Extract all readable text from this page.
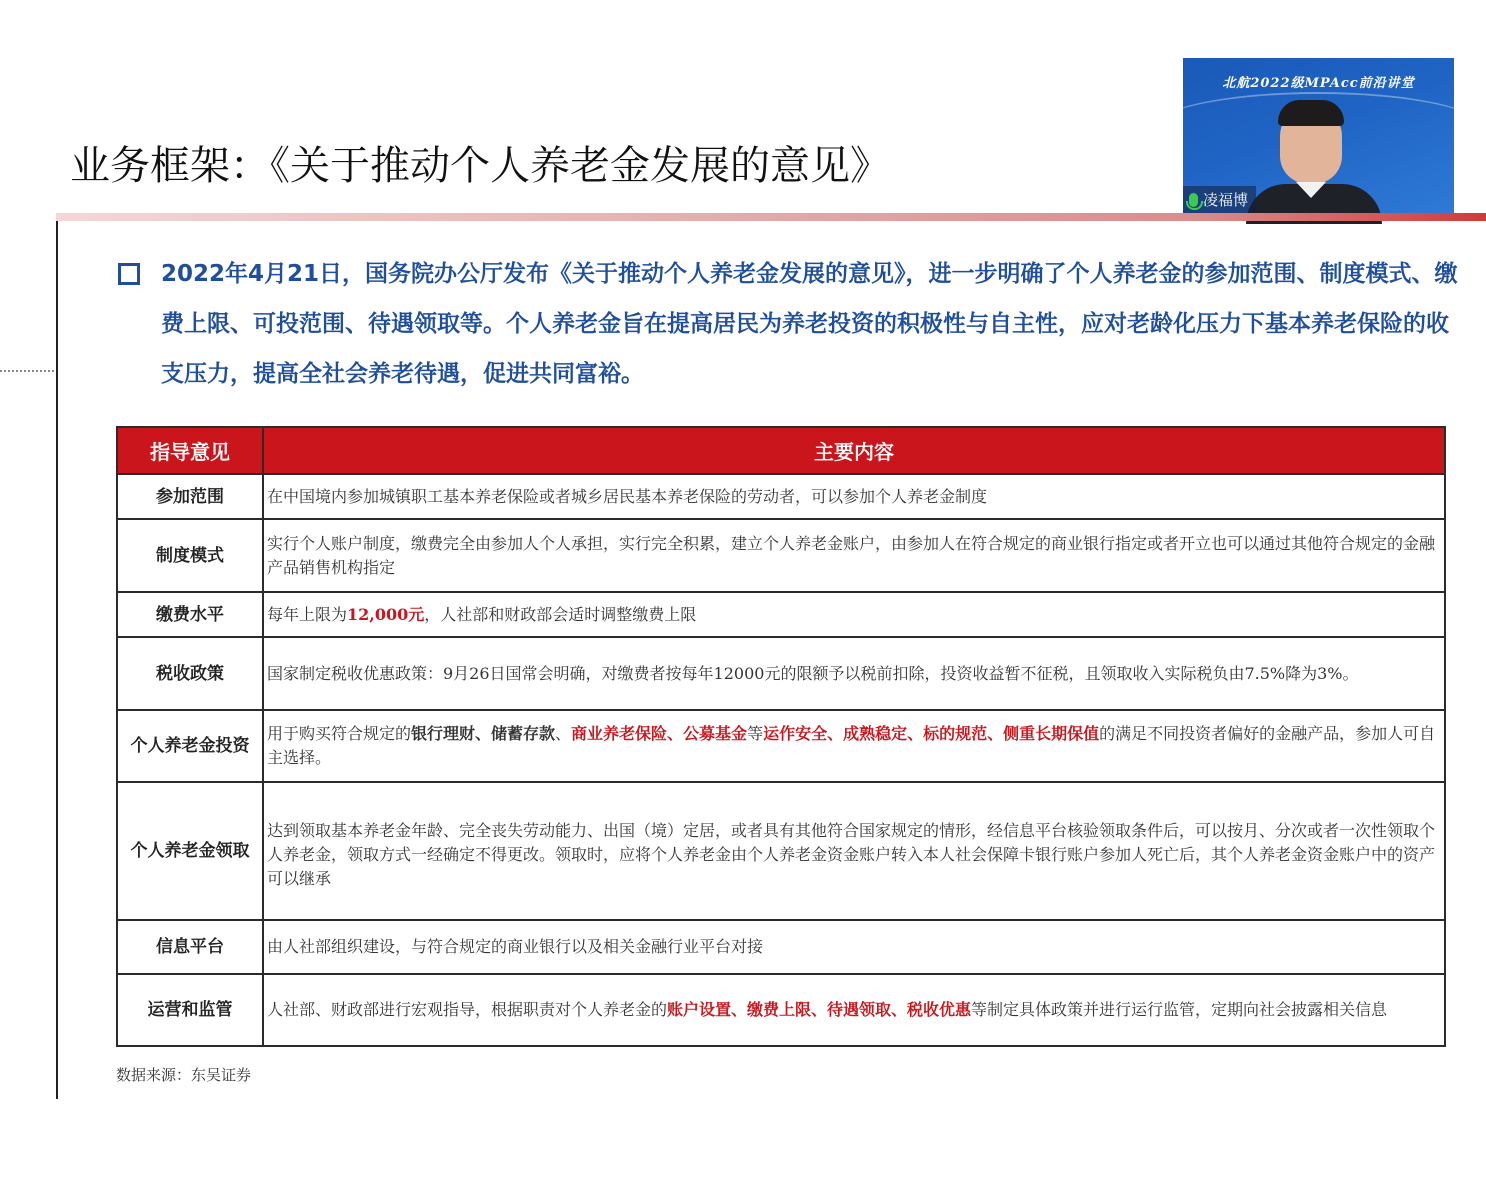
业务框架：《关于推动个人养老金发展的意见》
北航2022级MPAcc前沿讲堂
凌福博
2022年4月21日，国务院办公厅发布《关于推动个人养老金发展的意见》，进一步明确了个人养老金的参加范围、制度模式、缴费上限、可投范围、待遇领取等。个人养老金旨在提高居民为养老投资的积极性与自主性，应对老龄化压力下基本养老保险的收支压力，提高全社会养老待遇，促进共同富裕。
指导意见	主要内容
参加范围	在中国境内参加城镇职工基本养老保险或者城乡居民基本养老保险的劳动者，可以参加个人养老金制度
制度模式	实行个人账户制度，缴费完全由参加人个人承担，实行完全积累，建立个人养老金账户，由参加人在符合规定的商业银行指定或者开立也可以通过其他符合规定的金融产品销售机构指定
缴费水平	每年上限为12,000元，人社部和财政部会适时调整缴费上限
税收政策	国家制定税收优惠政策：9月26日国常会明确，对缴费者按每年12000元的限额予以税前扣除，投资收益暂不征税，且领取收入实际税负由7.5%降为3%。
个人养老金投资	用于购买符合规定的银行理财、储蓄存款、商业养老保险、公募基金等运作安全、成熟稳定、标的规范、侧重长期保值的满足不同投资者偏好的金融产品，参加人可自主选择。
个人养老金领取	达到领取基本养老金年龄、完全丧失劳动能力、出国（境）定居，或者具有其他符合国家规定的情形，经信息平台核验领取条件后，可以按月、分次或者一次性领取个人养老金，领取方式一经确定不得更改。领取时，应将个人养老金由个人养老金资金账户转入本人社会保障卡银行账户参加人死亡后，其个人养老金资金账户中的资产可以继承
信息平台	由人社部组织建设，与符合规定的商业银行以及相关金融行业平台对接
运营和监管	人社部、财政部进行宏观指导，根据职责对个人养老金的账户设置、缴费上限、待遇领取、税收优惠等制定具体政策并进行运行监管，定期向社会披露相关信息
数据来源：东吴证券
